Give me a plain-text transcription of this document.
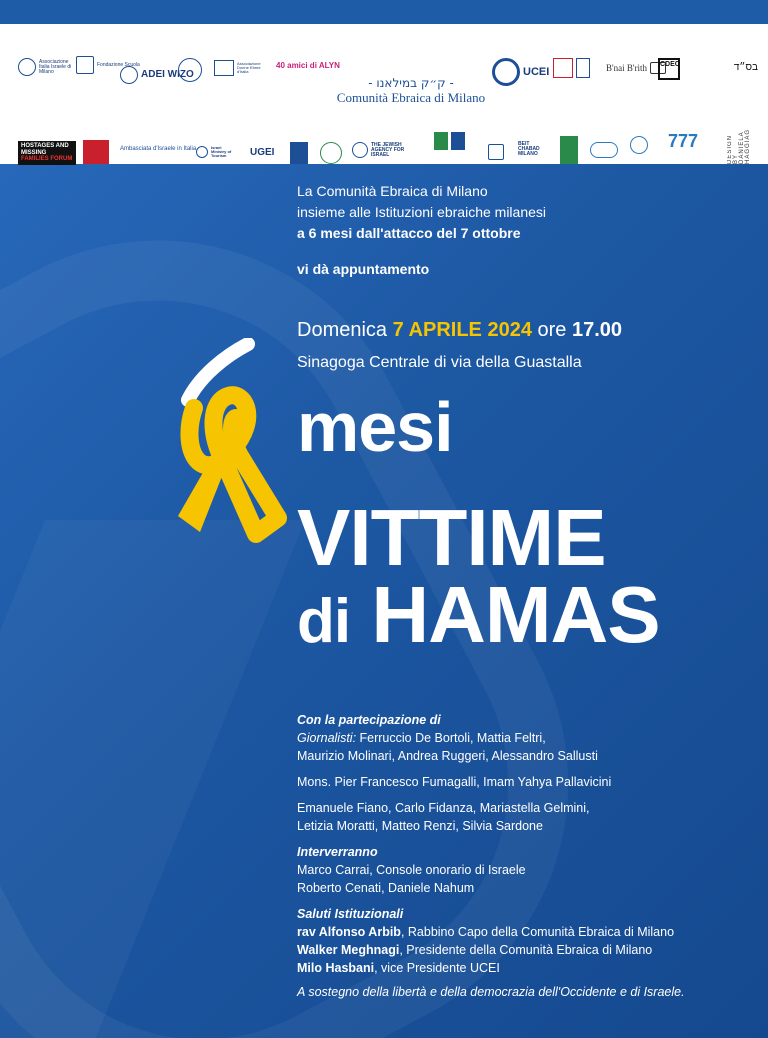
בס״ד
Associazione Italia Israele di Milano
Fondazione Scuola
ADEI WIZO
Associazione Donne Ebree d'Italia
40 amici di ALYN
- ק״ק במילאנו -
Comunità Ebraica di Milano
UCEI	B'nai B'rith CDEC
DESIGN BY DANIELA HAGGIAG
HOSTAGES AND MISSING
FAMILIES FORUM
Ambasciata d'Israele in Italia	Israel Ministry of Tourism	UGEI
THE JEWISH AGENCY FOR ISRAEL
BEIT CHABAD MILANO
777
La Comunità Ebraica di Milano
insieme alle Istituzioni ebraiche milanesi
a 6 mesi dall'attacco del 7 ottobre
vi dà appuntamento
Domenica 7 APRILE 2024 ore 17.00
Sinagoga Centrale di via della Guastalla
mesi
VITTIME
di HAMAS
Con la partecipazione di
Giornalisti: Ferruccio De Bortoli, Mattia Feltri,
Maurizio Molinari, Andrea Ruggeri, Alessandro Sallusti
Mons. Pier Francesco Fumagalli, Imam Yahya Pallavicini
Emanuele Fiano, Carlo Fidanza, Mariastella Gelmini,
Letizia Moratti, Matteo Renzi, Silvia Sardone
Interverranno
Marco Carrai, Console onorario di Israele
Roberto Cenati, Daniele Nahum
Saluti Istituzionali
rav Alfonso Arbib, Rabbino Capo della Comunità Ebraica di Milano
Walker Meghnagi, Presidente della Comunità Ebraica di Milano
Milo Hasbani, vice Presidente UCEI
A sostegno della libertà e della democrazia dell'Occidente e di Israele.
